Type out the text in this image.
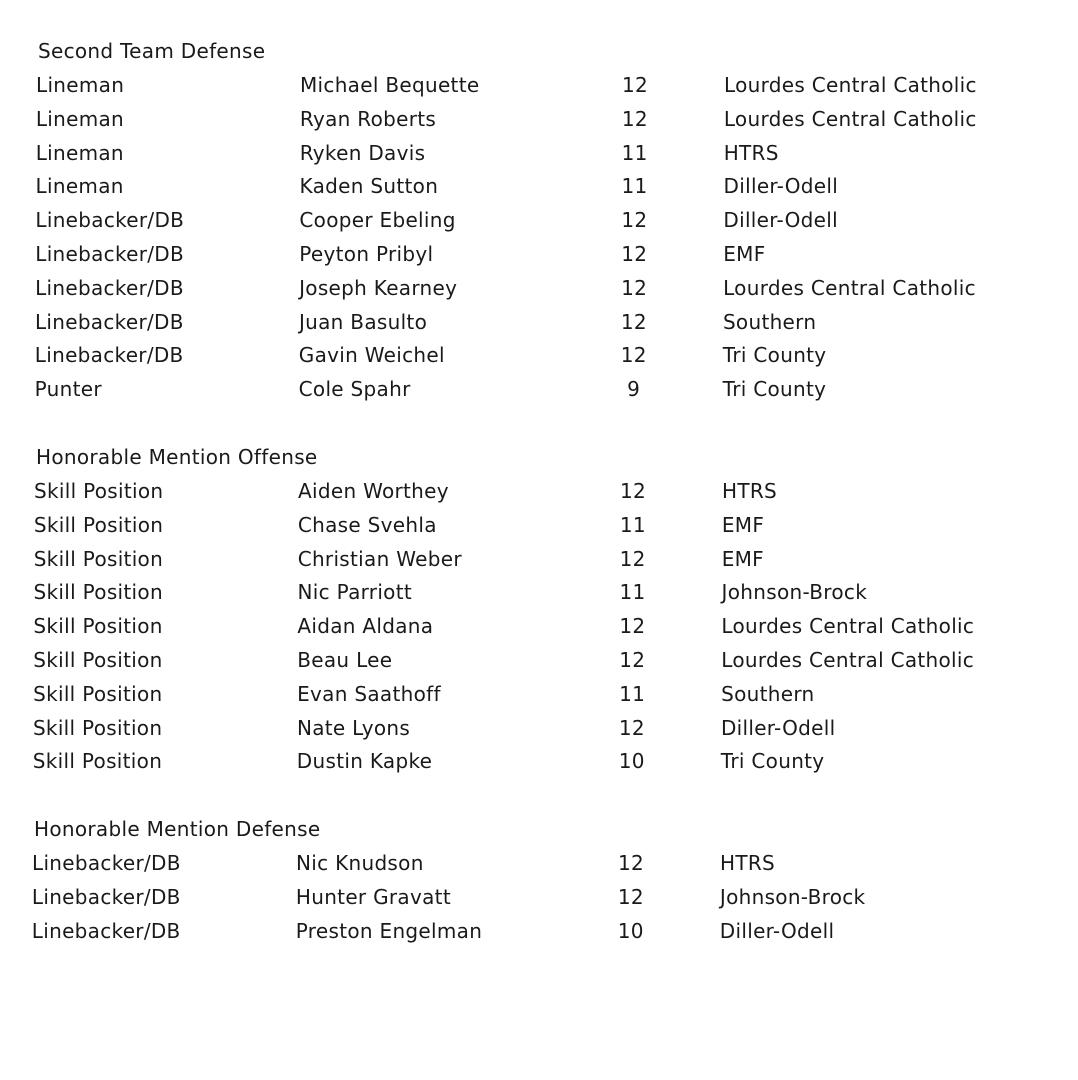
Second Team Defense
Lineman	Michael Bequette	12	Lourdes Central Catholic
Lineman	Ryan Roberts	12	Lourdes Central Catholic
Lineman	Ryken Davis	11	HTRS
Lineman	Kaden Sutton	11	Diller-Odell
Linebacker/DB	Cooper Ebeling	12	Diller-Odell
Linebacker/DB	Peyton Pribyl	12	EMF
Linebacker/DB	Joseph Kearney	12	Lourdes Central Catholic
Linebacker/DB	Juan Basulto	12	Southern
Linebacker/DB	Gavin Weichel	12	Tri County
Punter	Cole Spahr	9	Tri County
Honorable Mention Offense
Skill Position	Aiden Worthey	12	HTRS
Skill Position	Chase Svehla	11	EMF
Skill Position	Christian Weber	12	EMF
Skill Position	Nic Parriott	11	Johnson-Brock
Skill Position	Aidan Aldana	12	Lourdes Central Catholic
Skill Position	Beau Lee	12	Lourdes Central Catholic
Skill Position	Evan Saathoff	11	Southern
Skill Position	Nate Lyons	12	Diller-Odell
Skill Position	Dustin Kapke	10	Tri County
Honorable Mention Defense
Linebacker/DB	Nic Knudson	12	HTRS
Linebacker/DB	Hunter Gravatt	12	Johnson-Brock
Linebacker/DB	Preston Engelman	10	Diller-Odell
